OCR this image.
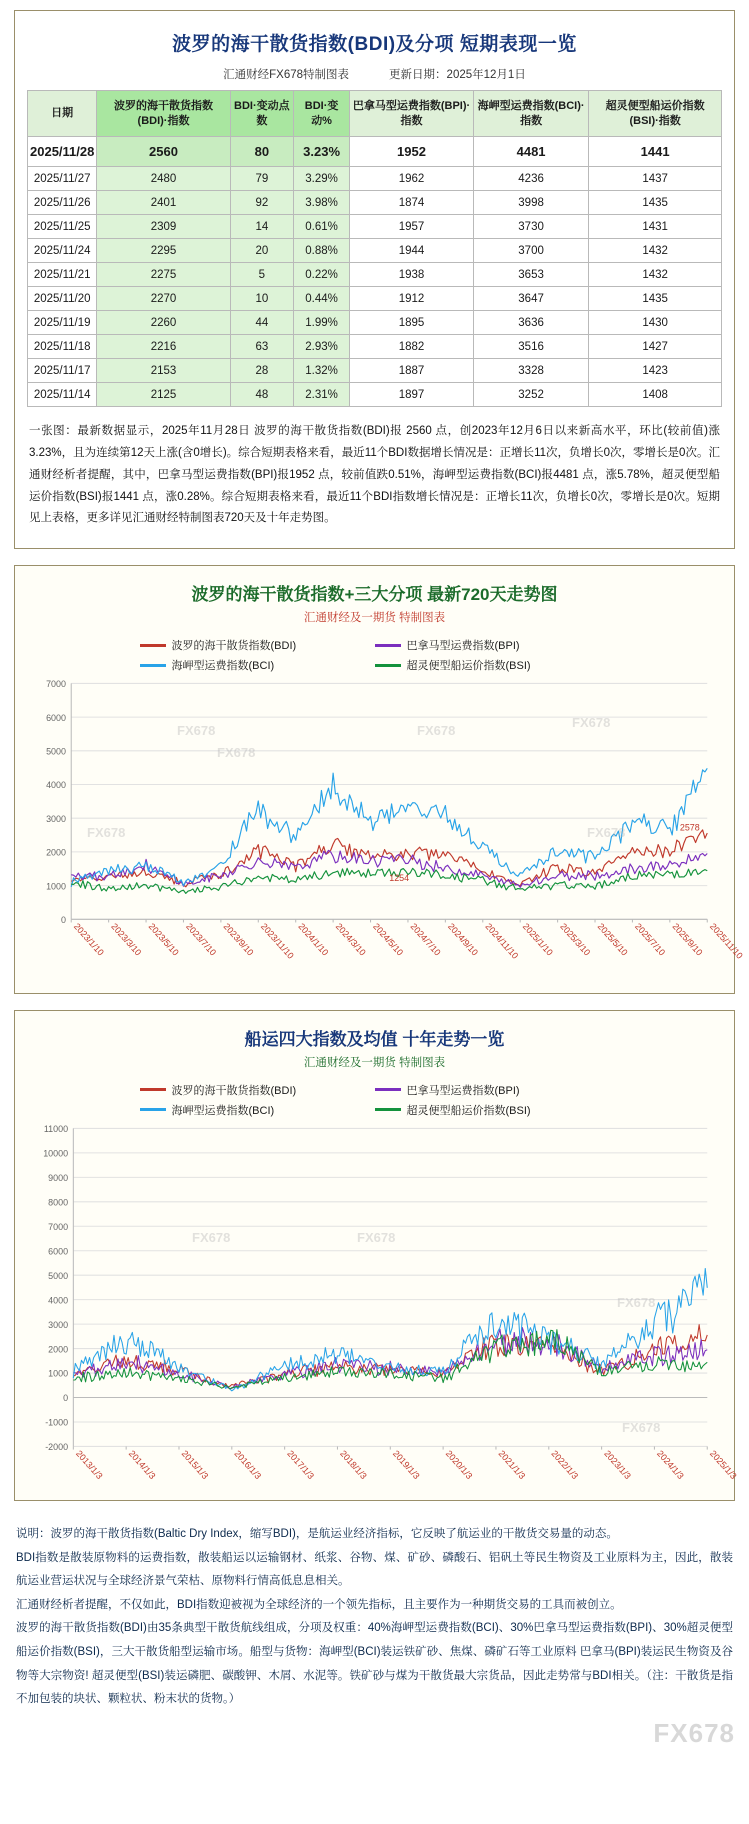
波罗的海干散货指数(BDI)及分项 短期表现一览
汇通财经FX678特制图表	更新日期：2025年12月1日
日期	波罗的海干散货指数(BDI)·指数	BDI·变动点数	BDI·变动%	巴拿马型运费指数(BPI)·指数	海岬型运费指数(BCI)·指数	超灵便型船运价指数(BSI)·指数
2025/11/28	2560	80	3.23%	1952	4481	1441
2025/11/27	2480	79	3.29%	1962	4236	1437
2025/11/26	2401	92	3.98%	1874	3998	1435
2025/11/25	2309	14	0.61%	1957	3730	1431
2025/11/24	2295	20	0.88%	1944	3700	1432
2025/11/21	2275	5	0.22%	1938	3653	1432
2025/11/20	2270	10	0.44%	1912	3647	1435
2025/11/19	2260	44	1.99%	1895	3636	1430
2025/11/18	2216	63	2.93%	1882	3516	1427
2025/11/17	2153	28	1.32%	1887	3328	1423
2025/11/14	2125	48	2.31%	1897	3252	1408
一张图：最新数据显示，2025年11月28日 波罗的海干散货指数(BDI)报 2560 点，创2023年12月6日以来新高水平，环比(较前值)涨3.23%，且为连续第12天上涨(含0增长)。综合短期表格来看，最近11个BDI数据增长情况是：正增长11次，负增长0次，零增长是0次。汇通财经析者提醒，其中，巴拿马型运费指数(BPI)报1952 点，较前值跌0.51%，海岬型运费指数(BCI)报4481 点，涨5.78%，超灵便型船运价指数(BSI)报1441 点，涨0.28%。综合短期表格来看，最近11个BDI指数增长情况是：正增长11次，负增长0次，零增长是0次。短期见上表格，更多详见汇通财经特制图表720天及十年走势图。
波罗的海干散货指数+三大分项 最新720天走势图
汇通财经及一期货 特制图表
波罗的海干散货指数(BDI)	巴拿马型运费指数(BPI)
海岬型运费指数(BCI)	超灵便型船运价指数(BSI)
FX678	FX678
FX678
FX678
FX678	FX678
0
1000
2000
3000
4000
5000
6000
7000
2023/1/10 2023/3/10 2023/5/10 2023/7/10 2023/9/10 2023/11/10 2024/1/10 2024/3/10 2024/5/10 2024/7/10 2024/9/10 2024/11/10 2025/1/10 2025/3/10 2025/5/10 2025/7/10 2025/9/10 2025/11/10
1254
2578
船运四大指数及均值 十年走势一览
汇通财经及一期货 特制图表
波罗的海干散货指数(BDI)	巴拿马型运费指数(BPI)
海岬型运费指数(BCI)	超灵便型船运价指数(BSI)
FX678	FX678
FX678
FX678
-2000
-1000
0
1000
2000
3000
4000
5000
6000
7000
8000
9000
10000
11000
2013/1/3	2014/1/3	2015/1/3	2016/1/3	2017/1/3	2018/1/3	2019/1/3	2020/1/3	2021/1/3	2022/1/3	2023/1/3	2024/1/3	2025/1/3

说明：波罗的海干散货指数(Baltic Dry Index，缩写BDI)，是航运业经济指标，它反映了航运业的干散货交易量的动态。

BDI指数是散装原物料的运费指数，散装船运以运输钢材、纸浆、谷物、煤、矿砂、磷酸石、铝矾土等民生物资及工业原料为主，因此，散装航运业营运状况与全球经济景气荣枯、原物料行情高低息息相关。

汇通财经析者提醒，不仅如此，BDI指数迎被视为全球经济的一个领先指标，且主要作为一种期货交易的工具而被创立。

波罗的海干散货指数(BDI)由35条典型干散货航线组成，分项及权重：40%海岬型运费指数(BCI)、30%巴拿马型运费指数(BPI)、30%超灵便型船运价指数(BSI)，三大干散货船型运输市场。船型与货物：海岬型(BCI)装运铁矿砂、焦煤、磷矿石等工业原料 巴拿马(BPI)装运民生物资及谷物等大宗物资! 超灵便型(BSI)装运磷肥、碳酸钾、木屑、水泥等。铁矿砂与煤为干散货最大宗货品，因此走势常与BDI相关。（注：干散货是指不加包装的块状、颗粒状、粉末状的货物。）

FX678
